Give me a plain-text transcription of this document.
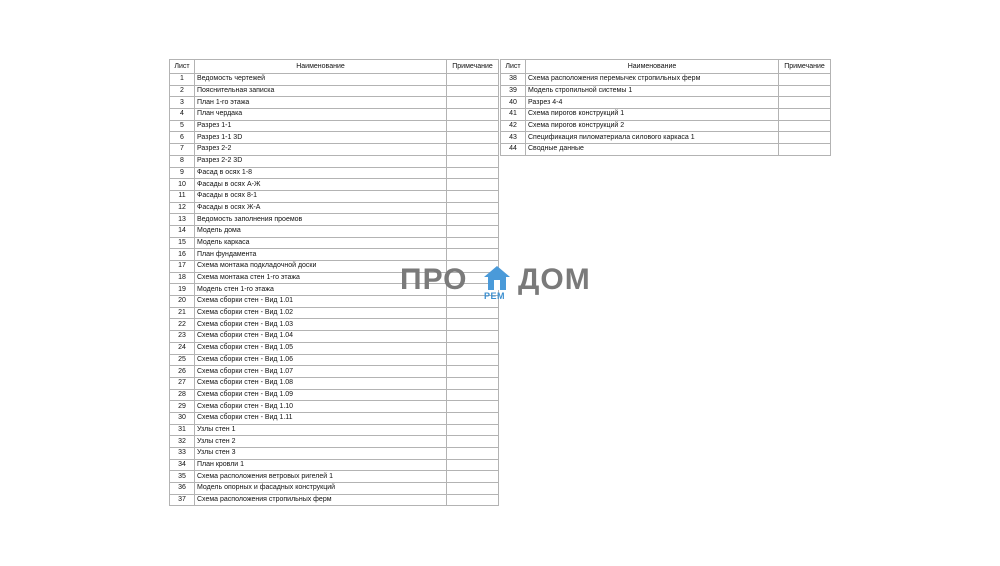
Лист	Наименование	Примечание
1	Ведомость чертежей	
2	Пояснительная записка	
3	План 1-го этажа	
4	План чердака	
5	Разрез 1-1	
6	Разрез 1-1 3D	
7	Разрез 2-2	
8	Разрез 2-2 3D	
9	Фасад в осях 1-8	
10	Фасады в осях А-Ж	
11	Фасады в осях 8-1	
12	Фасады в осях Ж-А	
13	Ведомость заполнения проемов	
14	Модель дома	
15	Модель каркаса	
16	План фундамента	
17	Схема монтажа подкладочной доски	
18	Схема монтажа стен 1-го этажа	
19	Модель стен 1-го этажа	
20	Схема сборки стен - Вид 1.01	
21	Схема сборки стен - Вид 1.02	
22	Схема сборки стен - Вид 1.03	
23	Схема сборки стен - Вид 1.04	
24	Схема сборки стен - Вид 1.05	
25	Схема сборки стен - Вид 1.06	
26	Схема сборки стен - Вид 1.07	
27	Схема сборки стен - Вид 1.08	
28	Схема сборки стен - Вид 1.09	
29	Схема сборки стен - Вид 1.10	
30	Схема сборки стен - Вид 1.11	
31	Узлы стен 1	
32	Узлы стен 2	
33	Узлы стен 3	
34	План кровли 1	
35	Схема расположения ветровых ригелей 1	
36	Модель опорных и фасадных конструкций	
37	Схема расположения стропильных ферм	
Лист	Наименование	Примечание
38	Схема расположения перемычек стропильных ферм	
39	Модель стропильной системы 1	
40	Разрез 4-4	
41	Схема пирогов конструкций 1	
42	Схема пирогов конструкций 2	
43	Спецификация пиломатериала силового каркаса 1	
44	Сводные данные	
ПРО РЕМ ДОМ
